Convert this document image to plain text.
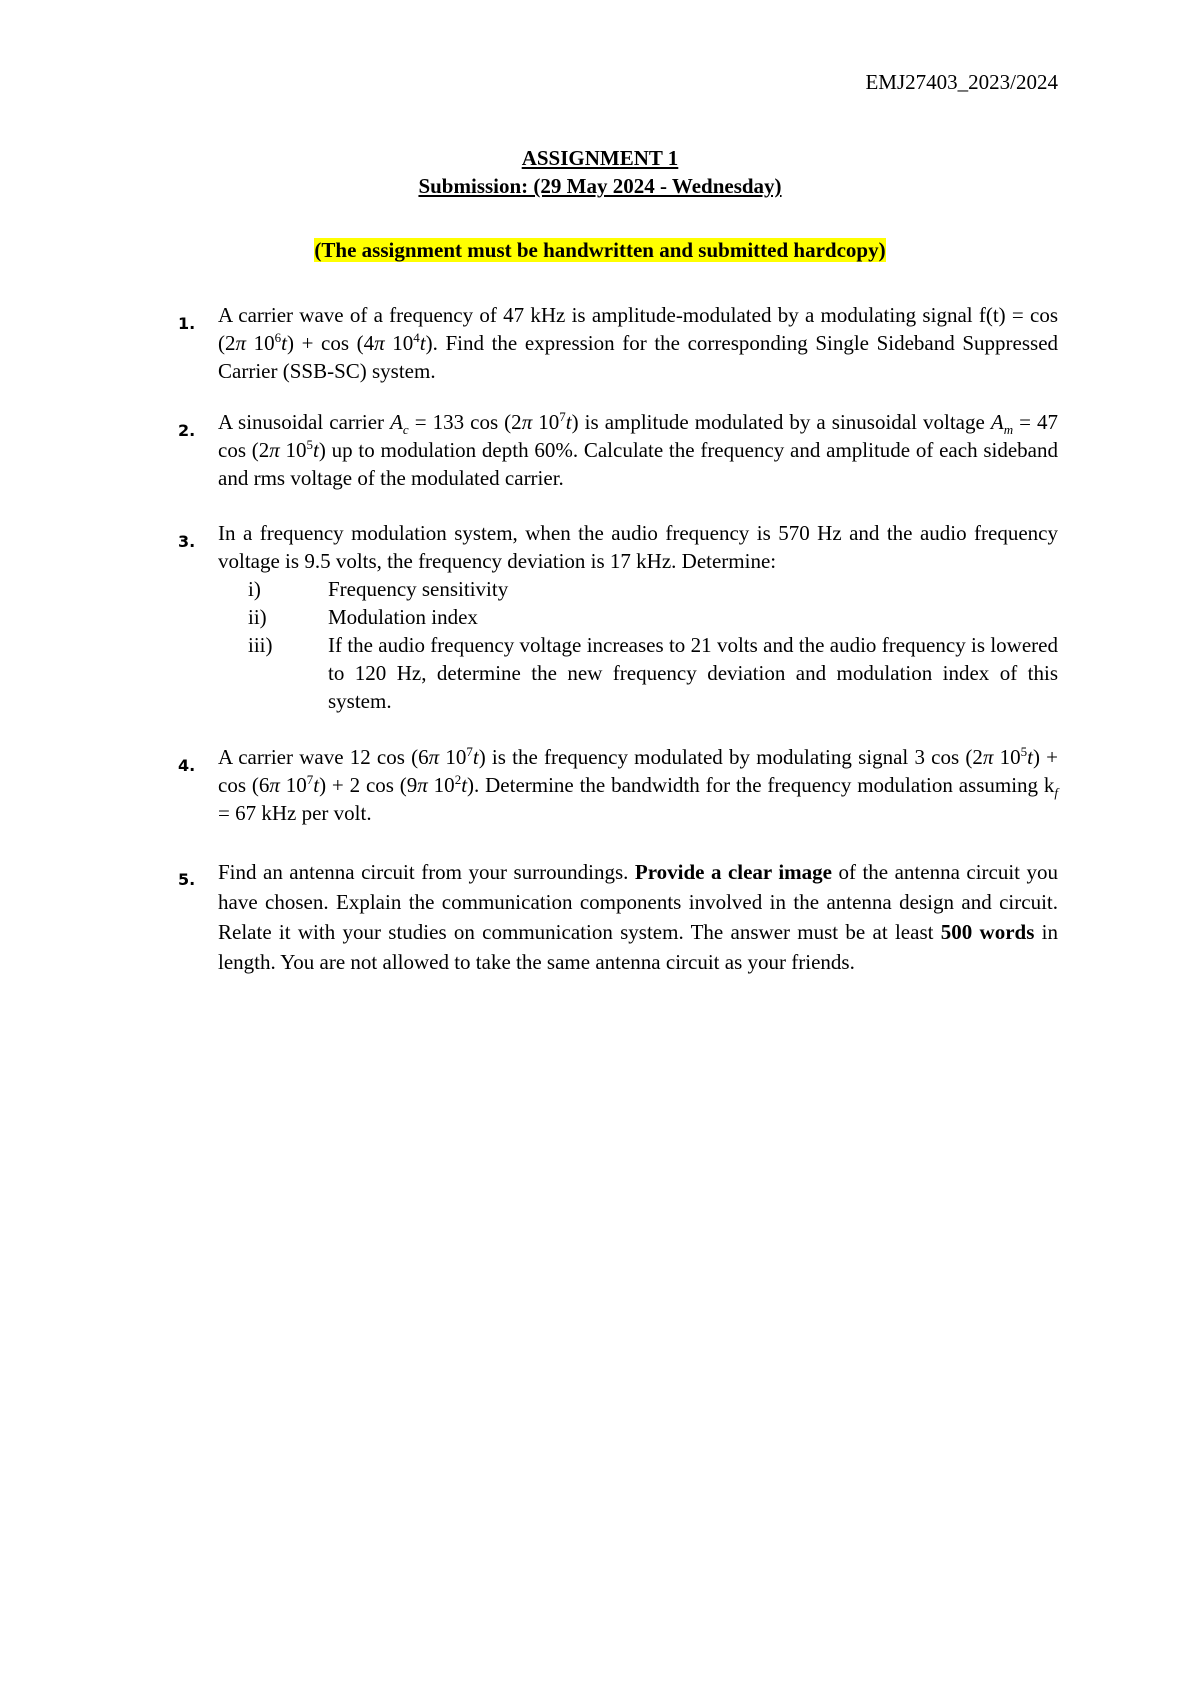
EMJ27403_2023/2024
ASSIGNMENT 1
Submission: (29 May 2024 - Wednesday)
(The assignment must be handwritten and submitted hardcopy)
1. A carrier wave of a frequency of 47 kHz is amplitude-modulated by a modulating signal f(t) = cos (2π $10^6t) + \cos (4\pi$ $10^4t$). Find the expression for the corresponding Single Sideband Suppressed Carrier (SSB-SC) system.
2. A sinusoidal carrier $A_c = 133$ cos (2π $10^7t$) is amplitude modulated by a sinusoidal voltage $A_m = 47$ cos (2π $10^5t$) up to modulation depth 60%. Calculate the frequency and amplitude of each sideband and rms voltage of the modulated carrier.
3. In a frequency modulation system, when the audio frequency is 570 Hz and the audio frequency voltage is 9.5 volts, the frequency deviation is 17 kHz. Determine:
i)	Frequency sensitivity
ii)	Modulation index
iii)	If the audio frequency voltage increases to 21 volts and the audio frequency is lowered to 120 Hz, determine the new frequency deviation and modulation index of this system.
4. A carrier wave 12 cos (6π $10^7t$) is the frequency modulated by modulating signal 3 cos (2π $10^5t) + \cos (6\pi$ $10^7t) + 2$ cos (9π $10^2t$). Determine the bandwidth for the frequency modulation assuming $k_f = 67$ kHz per volt.
5. Find an antenna circuit from your surroundings. Provide a clear image of the antenna circuit you have chosen. Explain the communication components involved in the antenna design and circuit. Relate it with your studies on communication system. The answer must be at least 500 words in length. You are not allowed to take the same antenna circuit as your friends.
